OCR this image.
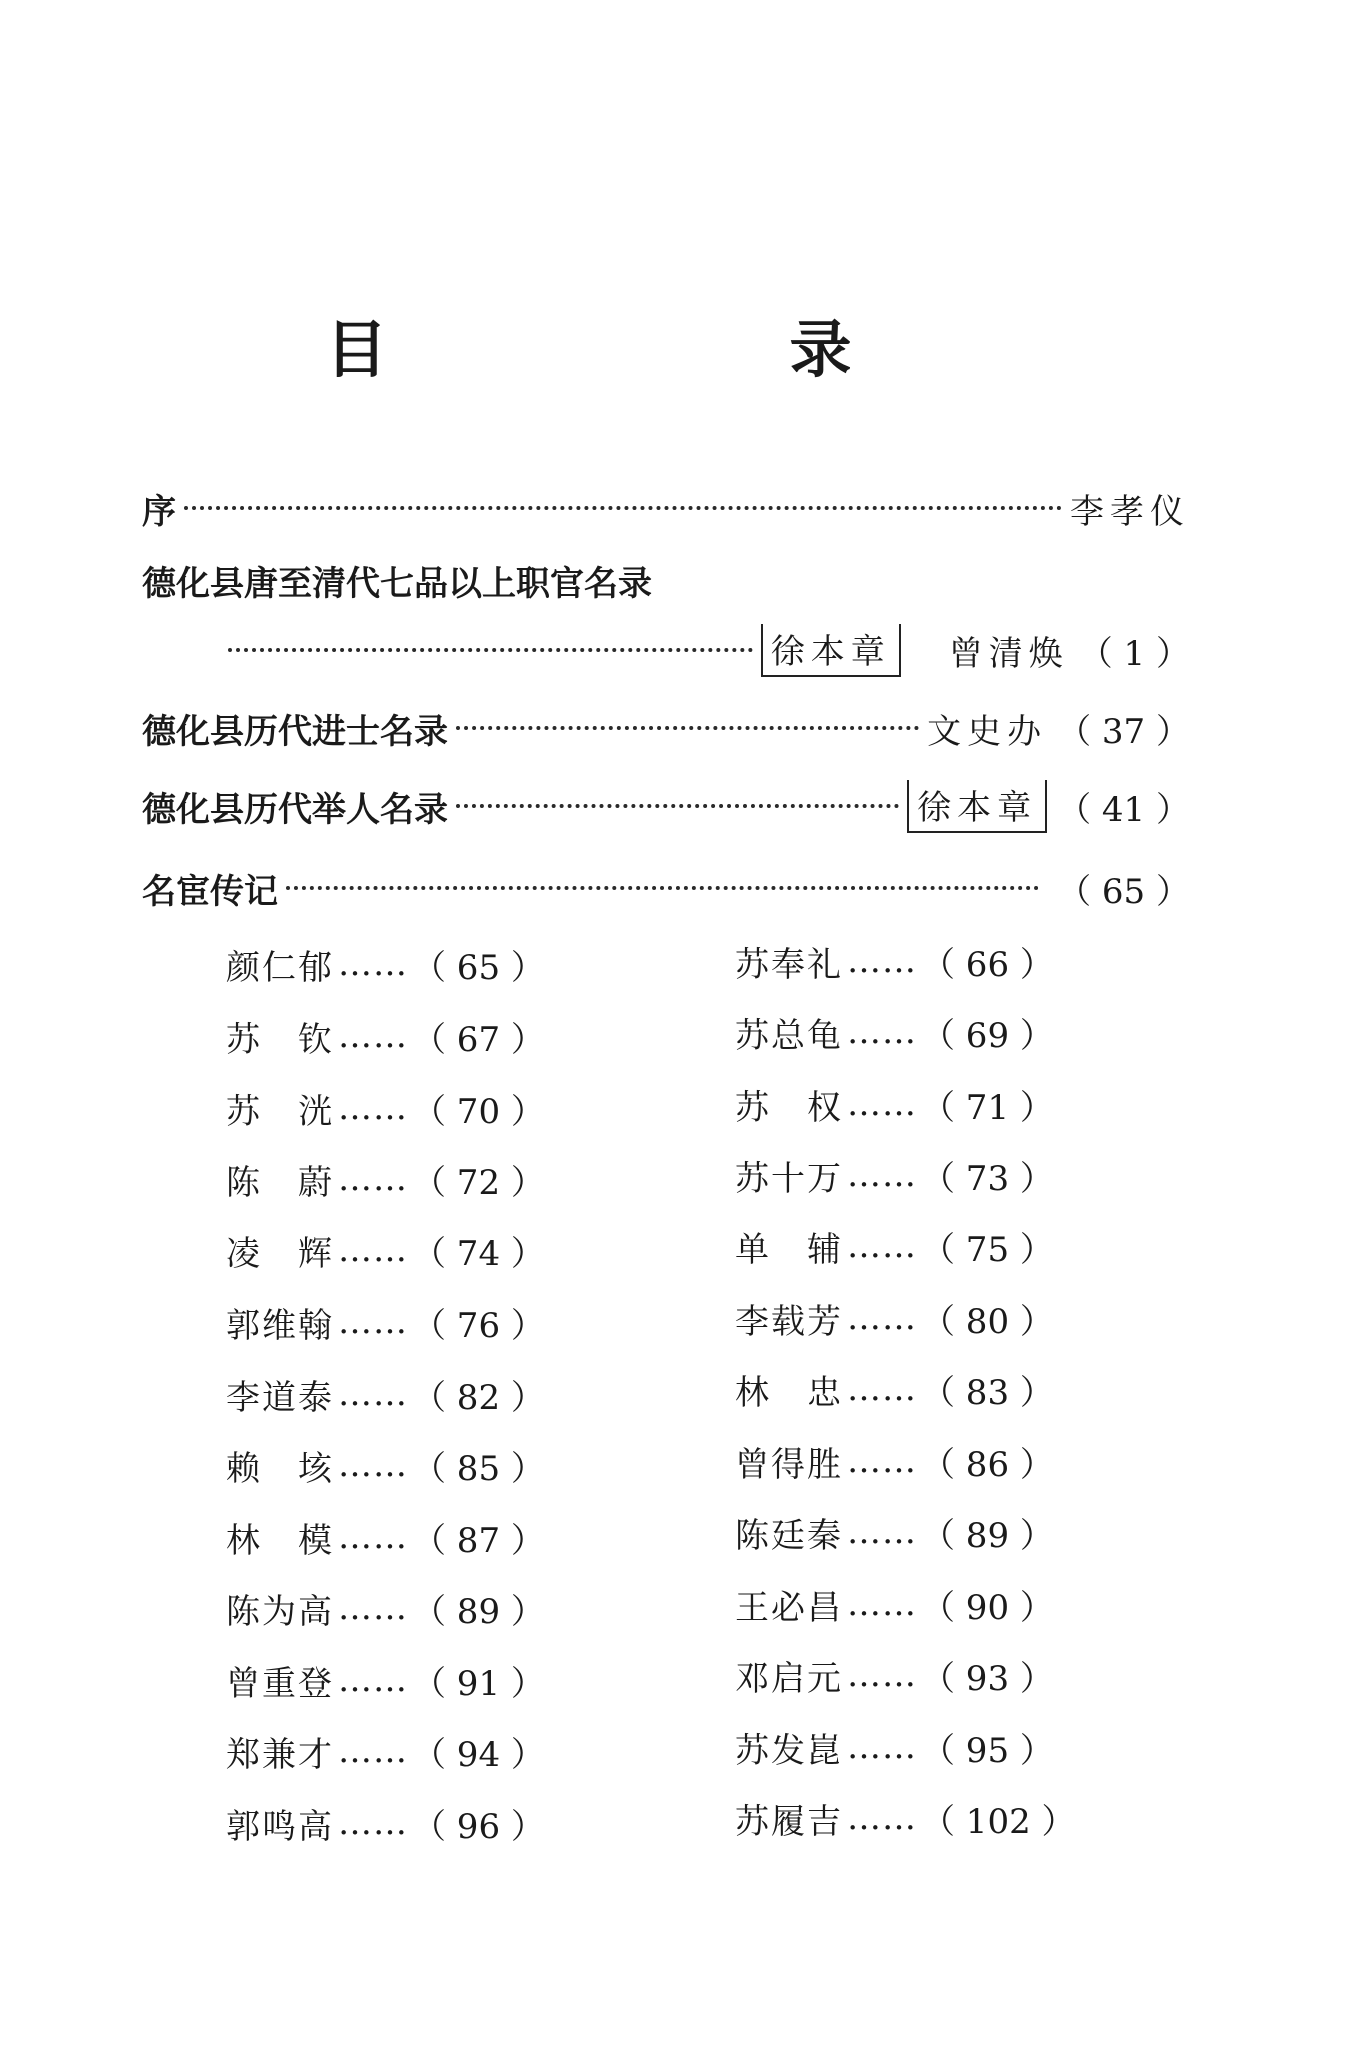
目　录
序	李孝仪
德化县唐至清代七品以上职官名录
徐本章 曾清焕 （ 1 ）
德化县历代进士名录	文史办 （ 37 ）
德化县历代举人名录	徐本章 （ 41 ）
名宦传记	（ 65 ）
颜仁郁 …… （ 65 ）
苏　钦 …… （ 67 ）
苏　洸 …… （ 70 ）
陈　蔚 …… （ 72 ）
凌　辉 …… （ 74 ）
郭维翰 …… （ 76 ）
李道泰 …… （ 82 ）
赖　垓 …… （ 85 ）
林　模 …… （ 87 ）
陈为高 …… （ 89 ）
曾重登 …… （ 91 ）
郑兼才 …… （ 94 ）
郭鸣高 …… （ 96 ）
苏奉礼 …… （ 66 ）
苏总龟 …… （ 69 ）
苏　权 …… （ 71 ）
苏十万 …… （ 73 ）
单　辅 …… （ 75 ）
李载芳 …… （ 80 ）
林　忠 …… （ 83 ）
曾得胜 …… （ 86 ）
陈廷秦 …… （ 89 ）
王必昌 …… （ 90 ）
邓启元 …… （ 93 ）
苏发崑 …… （ 95 ）
苏履吉 …… （ 102 ）
